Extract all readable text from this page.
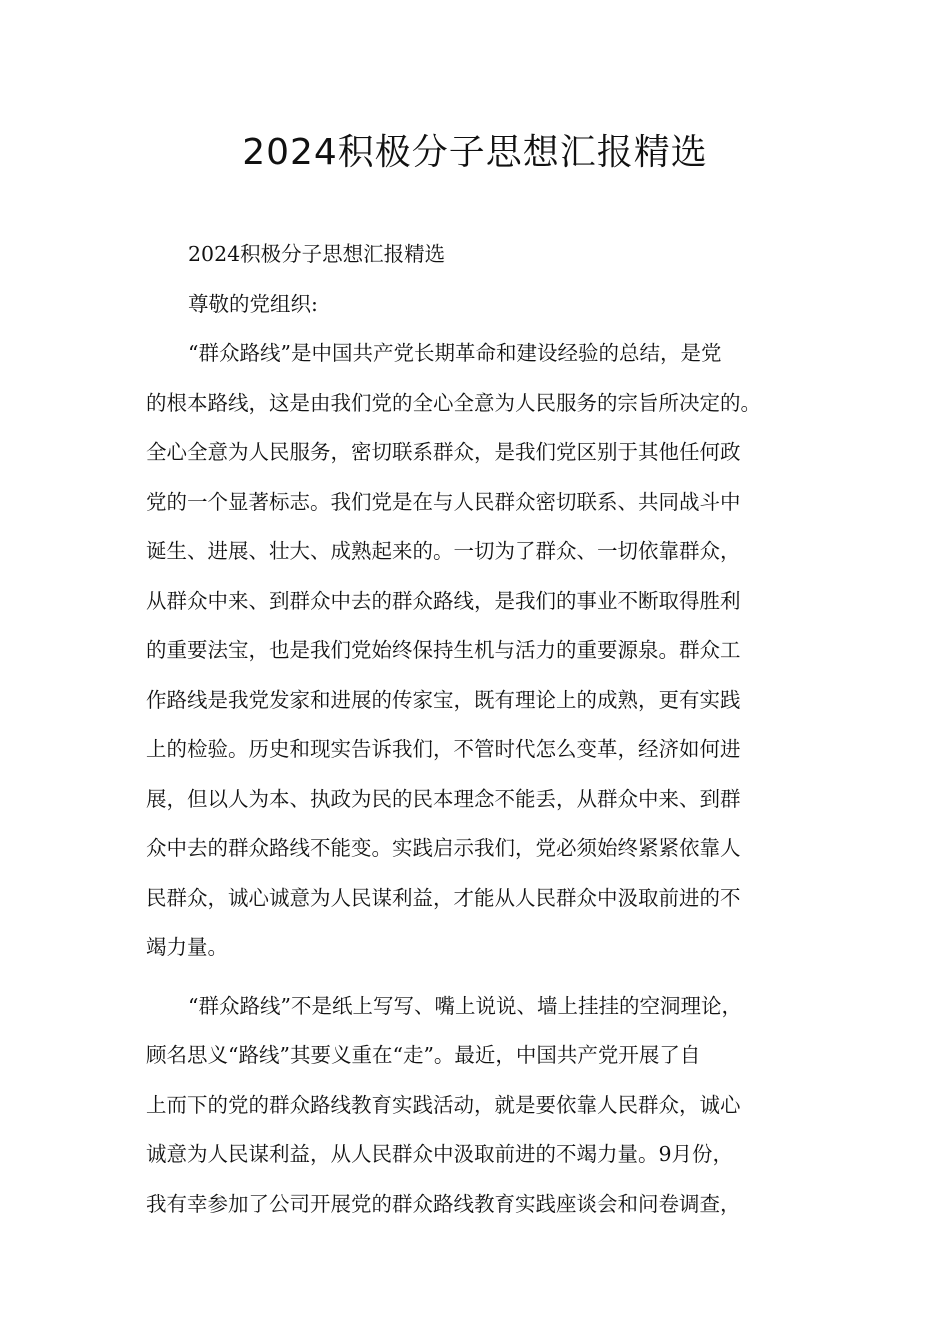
2024积极分子思想汇报精选
2024积极分子思想汇报精选
尊敬的党组织:
“群众路线”是中国共产党长期革命和建设经验的总结，是党
的根本路线，这是由我们党的全心全意为人民服务的宗旨所决定的。
全心全意为人民服务，密切联系群众，是我们党区别于其他任何政
党的一个显著标志。我们党是在与人民群众密切联系、共同战斗中
诞生、进展、壮大、成熟起来的。一切为了群众、一切依靠群众，
从群众中来、到群众中去的群众路线，是我们的事业不断取得胜利
的重要法宝，也是我们党始终保持生机与活力的重要源泉。群众工
作路线是我党发家和进展的传家宝，既有理论上的成熟，更有实践
上的检验。历史和现实告诉我们，不管时代怎么变革，经济如何进
展，但以人为本、执政为民的民本理念不能丢，从群众中来、到群
众中去的群众路线不能变。实践启示我们，党必须始终紧紧依靠人
民群众，诚心诚意为人民谋利益，才能从人民群众中汲取前进的不
竭力量。
“群众路线”不是纸上写写、嘴上说说、墙上挂挂的空洞理论，
顾名思义“路线”其要义重在“走”。最近，中国共产党开展了自
上而下的党的群众路线教育实践活动，就是要依靠人民群众，诚心
诚意为人民谋利益，从人民群众中汲取前进的不竭力量。9月份，
我有幸参加了公司开展党的群众路线教育实践座谈会和问卷调查，
